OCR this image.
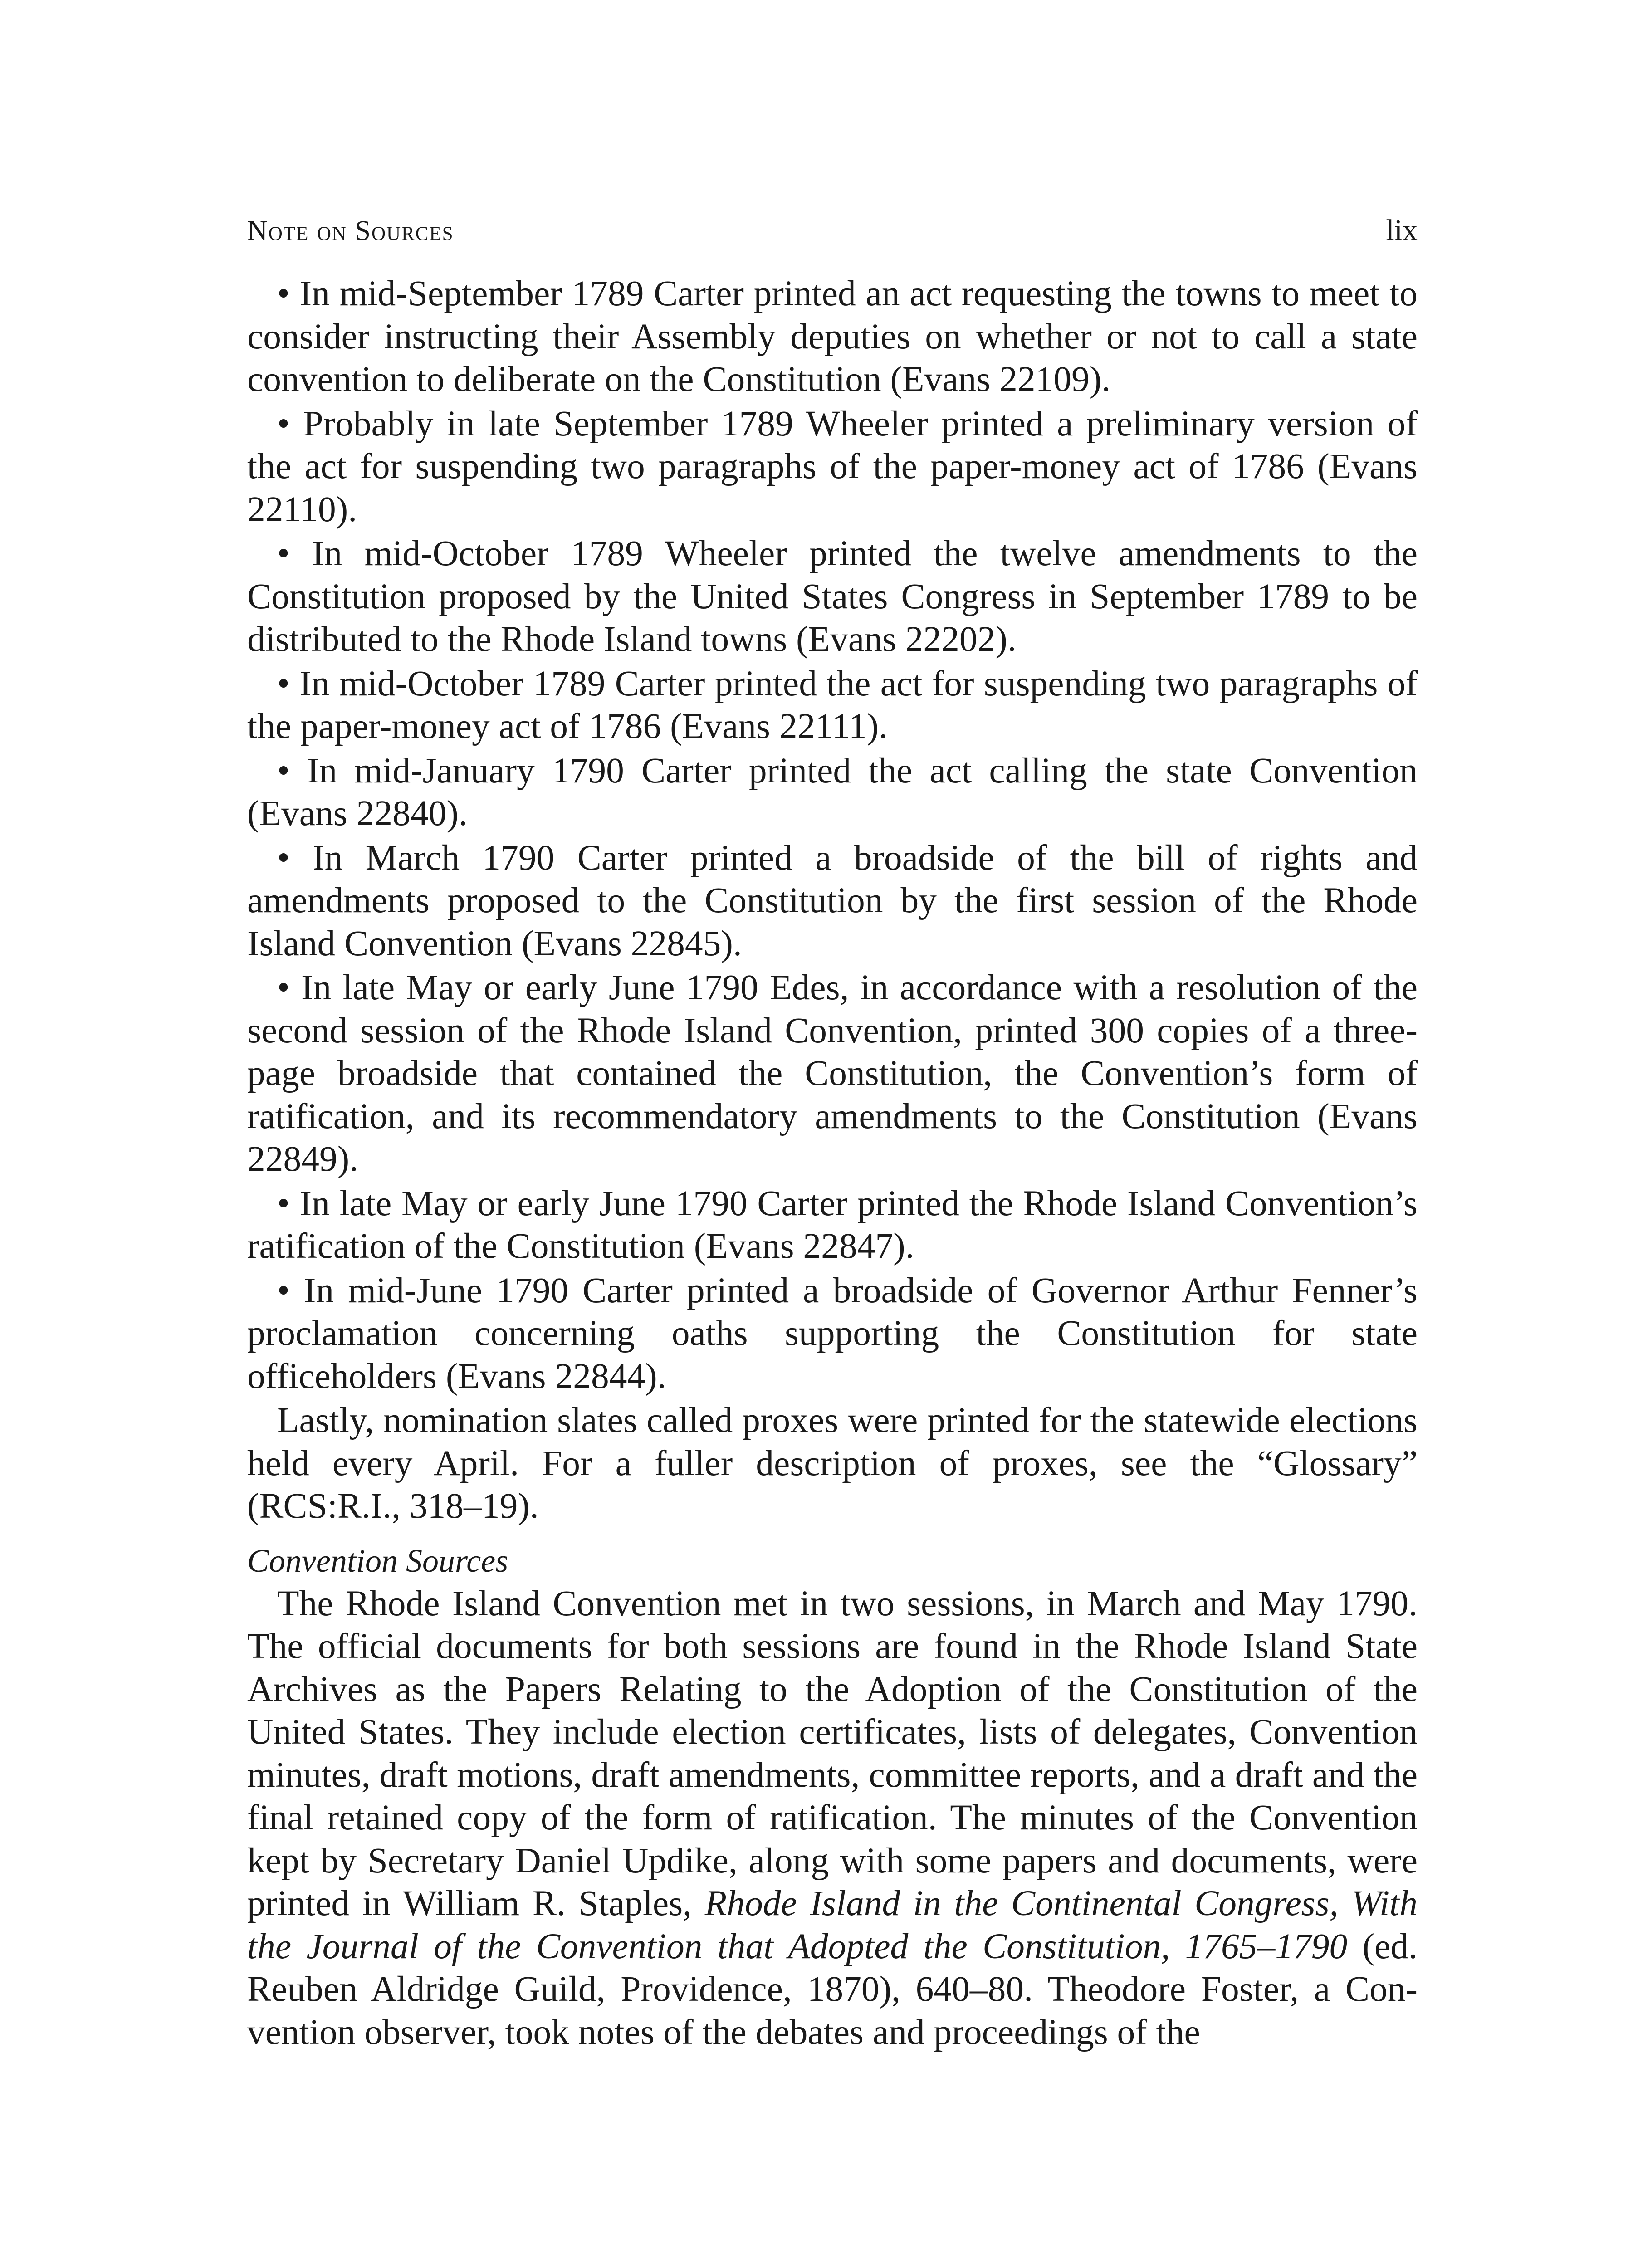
Note on Sources	lix

• In mid-September 1789 Carter printed an act requesting the towns to meet to consider instructing their Assembly deputies on whether or not to call a state convention to deliberate on the Constitution (Evans 22109).

• Probably in late September 1789 Wheeler printed a preliminary version of the act for suspending two paragraphs of the paper-money act of 1786 (Evans 22110).

• In mid-October 1789 Wheeler printed the twelve amendments to the Constitution proposed by the United States Congress in September 1789 to be distributed to the Rhode Island towns (Evans 22202).

• In mid-October 1789 Carter printed the act for suspending two paragraphs of the paper-money act of 1786 (Evans 22111).

• In mid-January 1790 Carter printed the act calling the state Convention (Evans 22840).

• In March 1790 Carter printed a broadside of the bill of rights and amendments proposed to the Constitution by the first session of the Rhode Island Convention (Evans 22845).

• In late May or early June 1790 Edes, in accordance with a resolution of the second session of the Rhode Island Convention, printed 300 copies of a three-page broadside that contained the Constitution, the Convention’s form of ratification, and its recommendatory amendments to the Constitution (Evans 22849).

• In late May or early June 1790 Carter printed the Rhode Island Convention’s ratification of the Constitution (Evans 22847).

• In mid-June 1790 Carter printed a broadside of Governor Arthur Fenner’s proclamation concerning oaths supporting the Constitution for state officeholders (Evans 22844).

Lastly, nomination slates called proxes were printed for the statewide elections held every April. For a fuller description of proxes, see the “Glossary” (RCS:R.I., 318–19).

Convention Sources

The Rhode Island Convention met in two sessions, in March and May 1790. The official documents for both sessions are found in the Rhode Island State Archives as the Papers Relating to the Adoption of the Constitution of the United States. They include election certificates, lists of delegates, Convention minutes, draft motions, draft amendments, committee reports, and a draft and the final retained copy of the form of ratification. The minutes of the Convention kept by Secretary Daniel Updike, along with some papers and documents, were printed in William R. Staples, Rhode Island in the Continental Congress, With the Journal of the Convention that Adopted the Constitution, 1765–1790 (ed. Reuben Aldridge Guild, Providence, 1870), 640–80. Theodore Foster, a Convention observer, took notes of the debates and proceedings of the
